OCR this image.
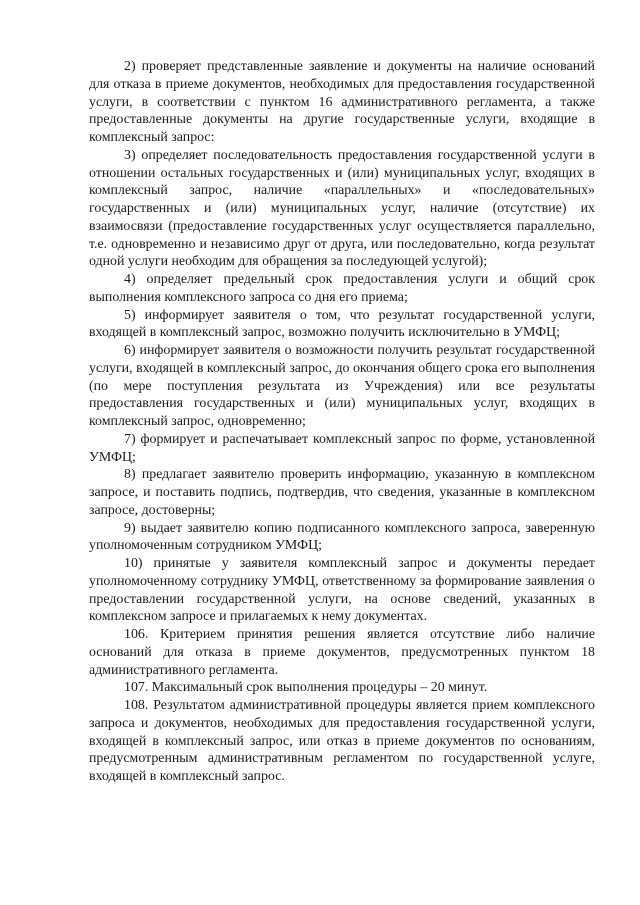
2) проверяет представленные заявление и документы на наличие оснований для отказа в приеме документов, необходимых для предоставления государственной услуги, в соответствии с пунктом 16 административного регламента, а также предоставленные документы на другие государственные услуги, входящие в комплексный запрос:

3) определяет последовательность предоставления государственной услуги в отношении остальных государственных и (или) муниципальных услуг, входящих в комплексный запрос, наличие «параллельных» и «последовательных» государственных и (или) муниципальных услуг, наличие (отсутствие) их взаимосвязи (предоставление государственных услуг осуществляется параллельно, т.е. одновременно и независимо друг от друга, или последовательно, когда результат одной услуги необходим для обращения за последующей услугой);

4) определяет предельный срок предоставления услуги и общий срок выполнения комплексного запроса со дня его приема;

5) информирует заявителя о том, что результат государственной услуги, входящей в комплексный запрос, возможно получить исключительно в УМФЦ;

6) информирует заявителя о возможности получить результат государственной услуги, входящей в комплексный запрос, до окончания общего срока его выполнения (по мере поступления результата из Учреждения) или все результаты предоставления государственных и (или) муниципальных услуг, входящих в комплексный запрос, одновременно;

7) формирует и распечатывает комплексный запрос по форме, установленной УМФЦ;

8) предлагает заявителю проверить информацию, указанную в комплексном запросе, и поставить подпись, подтвердив, что сведения, указанные в комплексном запросе, достоверны;

9) выдает заявителю копию подписанного комплексного запроса, заверенную уполномоченным сотрудником УМФЦ;

10) принятые у заявителя комплексный запрос и документы передает уполномоченному сотруднику УМФЦ, ответственному за формирование заявления о предоставлении государственной услуги, на основе сведений, указанных в комплексном запросе и прилагаемых к нему документах.

106. Критерием принятия решения является отсутствие либо наличие оснований для отказа в приеме документов, предусмотренных пунктом 18 административного регламента.

107. Максимальный срок выполнения процедуры – 20 минут.

108. Результатом административной процедуры является прием комплексного запроса и документов, необходимых для предоставления государственной услуги, входящей в комплексный запрос, или отказ в приеме документов по основаниям, предусмотренным административным регламентом по государственной услуге, входящей в комплексный запрос.
